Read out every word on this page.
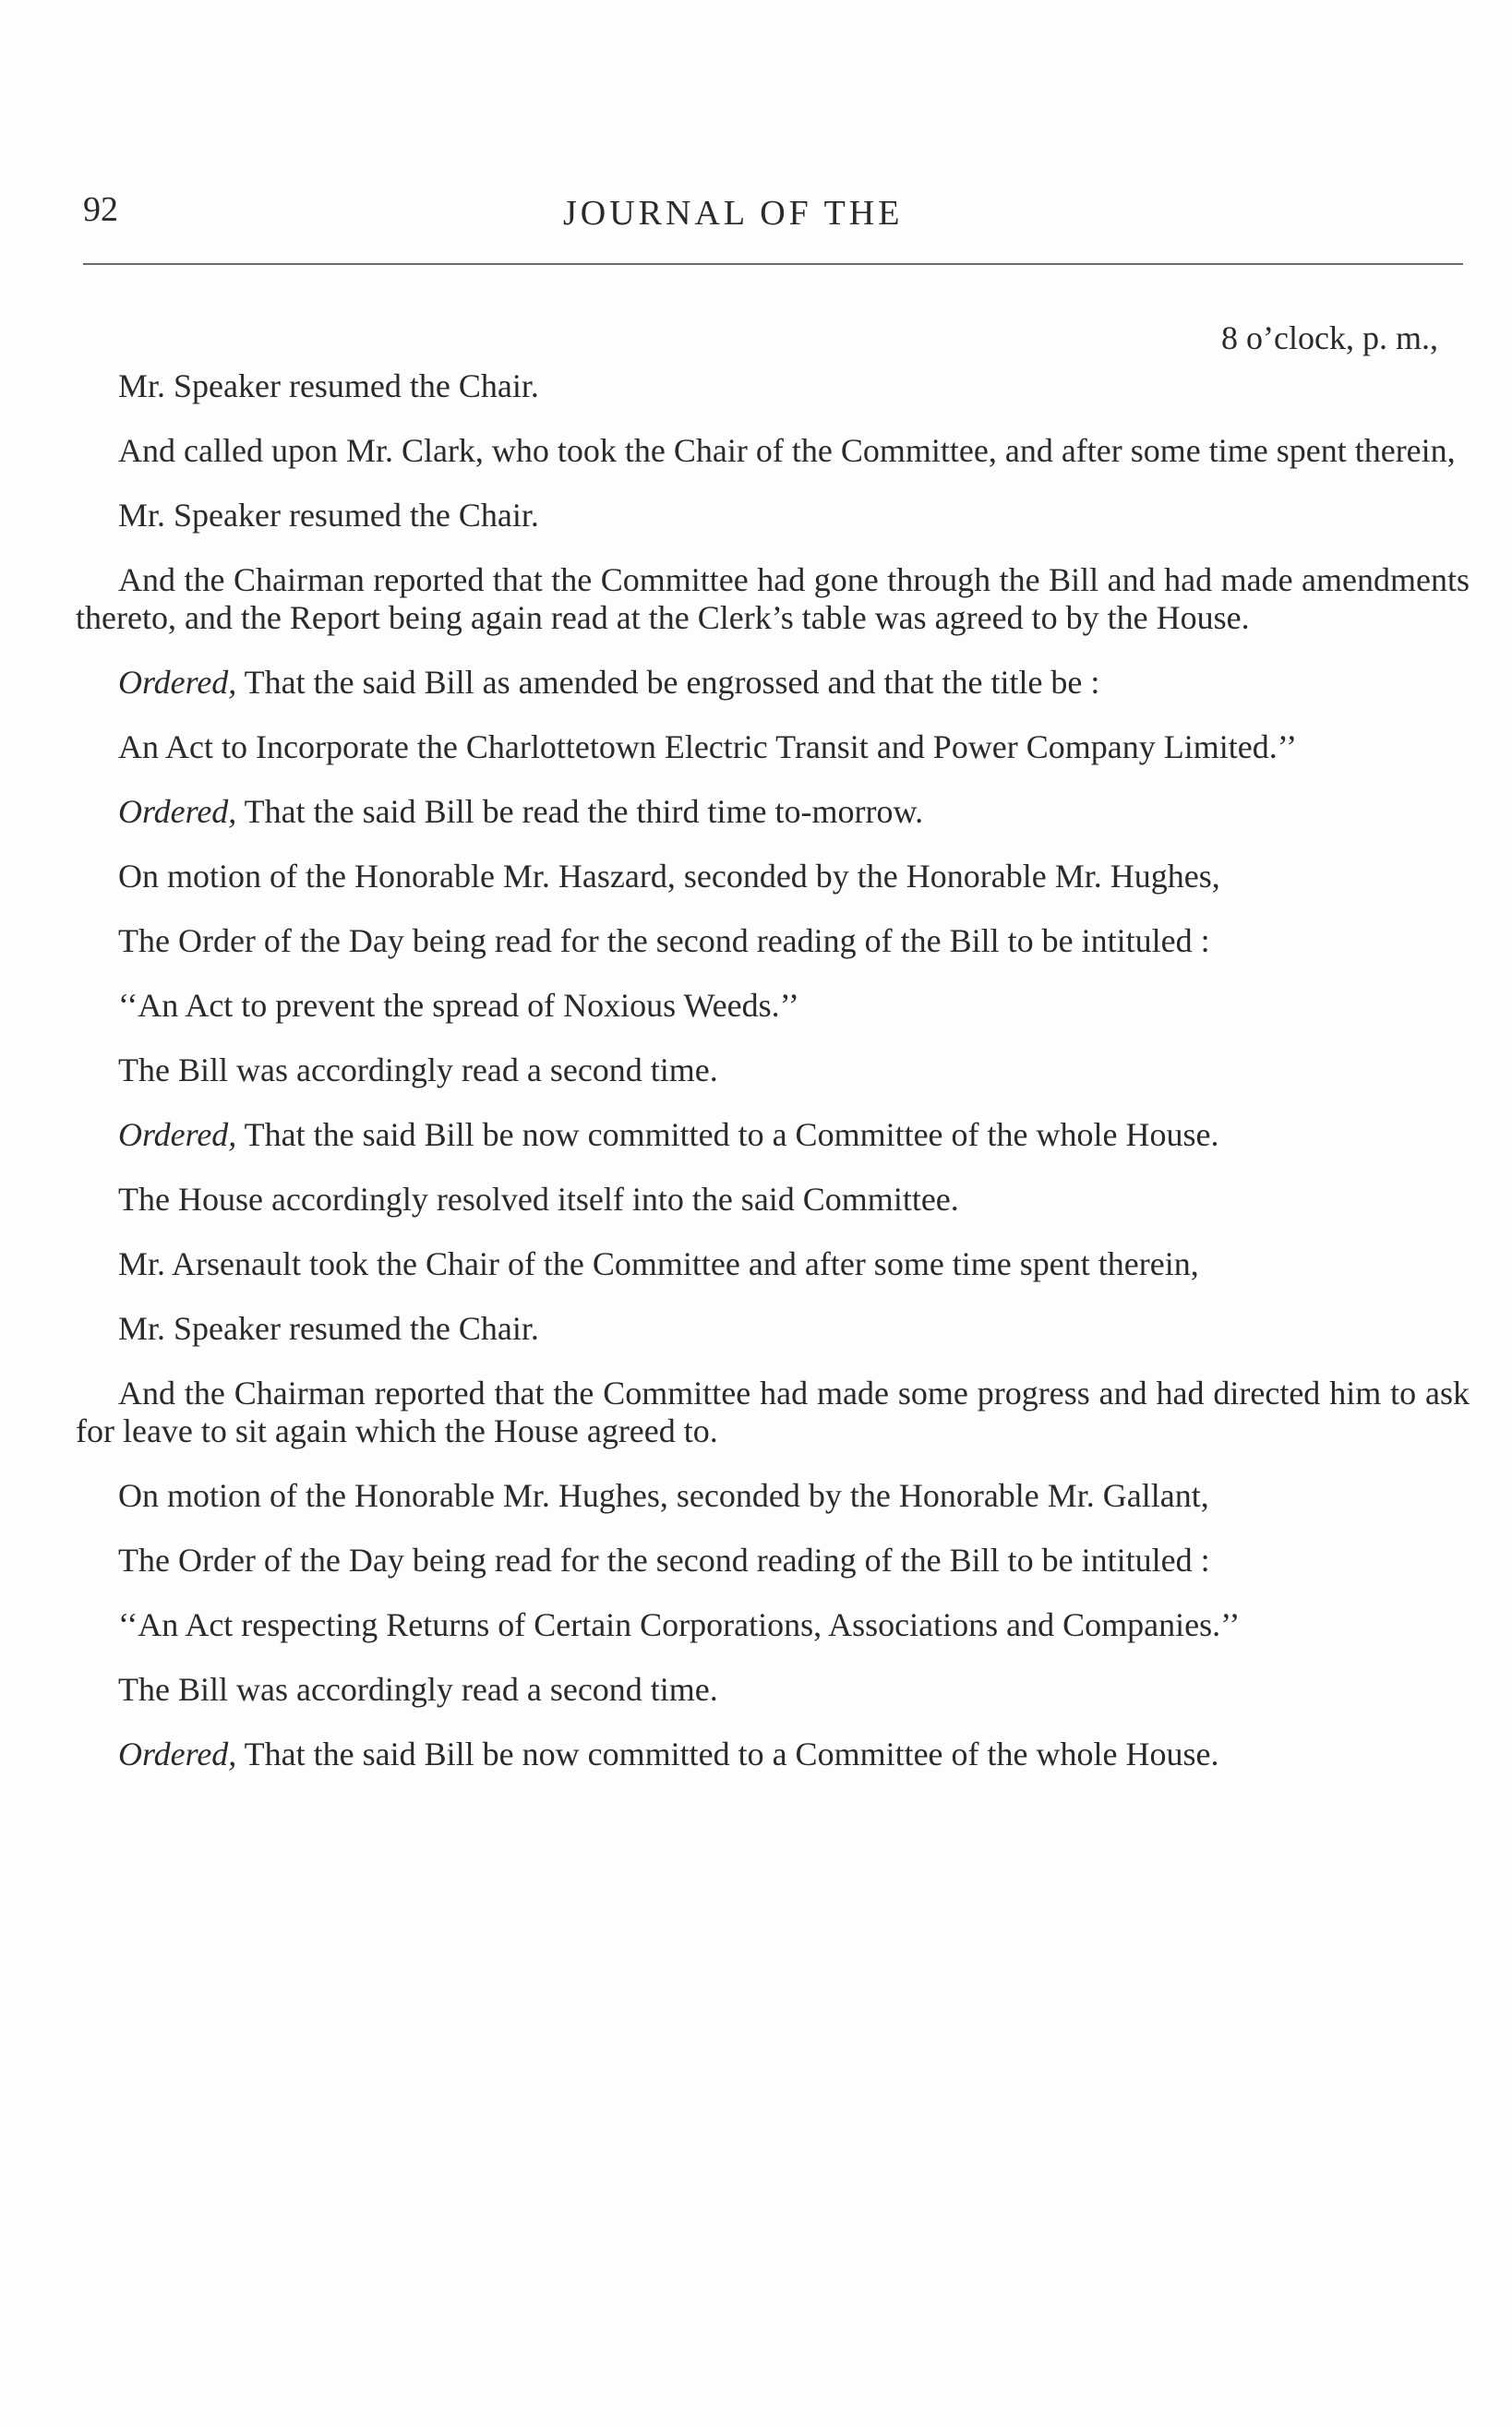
92	JOURNAL OF THE
8 o’clock, p. m.,

Mr. Speaker resumed the Chair.

And called upon Mr. Clark, who took the Chair of the Committee, and after some time spent therein,

Mr. Speaker resumed the Chair.

And the Chairman reported that the Committee had gone through the Bill and had made amendments thereto, and the Report being again read at the Clerk’s table was agreed to by the House.

Ordered, That the said Bill as amended be engrossed and that the title be :

An Act to Incorporate the Charlottetown Electric Transit and Power Company Limited.’’

Ordered, That the said Bill be read the third time to-morrow.

On motion of the Honorable Mr. Haszard, seconded by the Honorable Mr. Hughes,

The Order of the Day being read for the second reading of the Bill to be intituled :

‘‘An Act to prevent the spread of Noxious Weeds.’’

The Bill was accordingly read a second time.

Ordered, That the said Bill be now committed to a Committee of the whole House.

The House accordingly resolved itself into the said Committee.

Mr. Arsenault took the Chair of the Committee and after some time spent therein,

Mr. Speaker resumed the Chair.

And the Chairman reported that the Committee had made some progress and had directed him to ask for leave to sit again which the House agreed to.

On motion of the Honorable Mr. Hughes, seconded by the Honorable Mr. Gallant,

The Order of the Day being read for the second reading of the Bill to be intituled :

‘‘An Act respecting Returns of Certain Corporations, Associations and Companies.’’

The Bill was accordingly read a second time.

Ordered, That the said Bill be now committed to a Committee of the whole House.
